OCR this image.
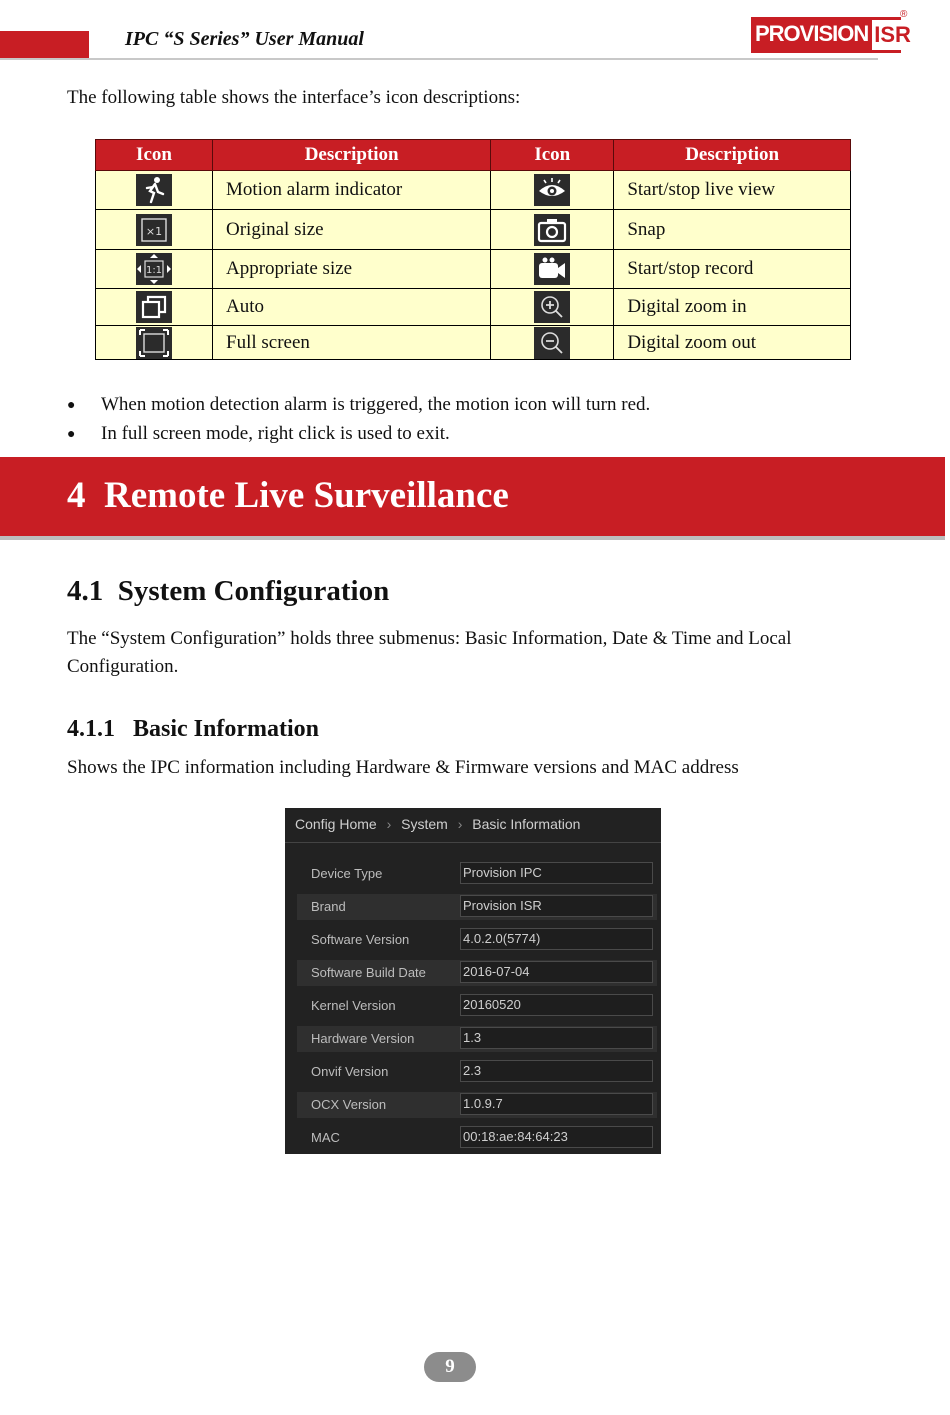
IPC “S Series” User Manual	PROVISION ISR
®
The following table shows the interface’s icon descriptions:
Icon	Description	Icon	Description

	Motion alarm indicator		Start/stop live view

×1	Original size		Snap

1:1	Appropriate size		Start/stop record

	Auto		Digital zoom in

	Full screen		Digital zoom out
● When motion detection alarm is triggered, the motion icon will turn red.
● In full screen mode, right click is used to exit.
4 Remote Live Surveillance
4.1 System Configuration
The “System Configuration” holds three submenus: Basic Information, Date & Time and Local
Configuration.
4.1.1 Basic Information
Shows the IPC information including Hardware & Firmware versions and MAC address
Config Home › System › Basic Information
Device Type	Provision IPC
Brand	Provision ISR
Software Version	4.0.2.0(5774)
Software Build Date	2016-07-04
Kernel Version	20160520
Hardware Version	1.3
Onvif Version	2.3
OCX Version	1.0.9.7
MAC	00:18:ae:84:64:23
9
